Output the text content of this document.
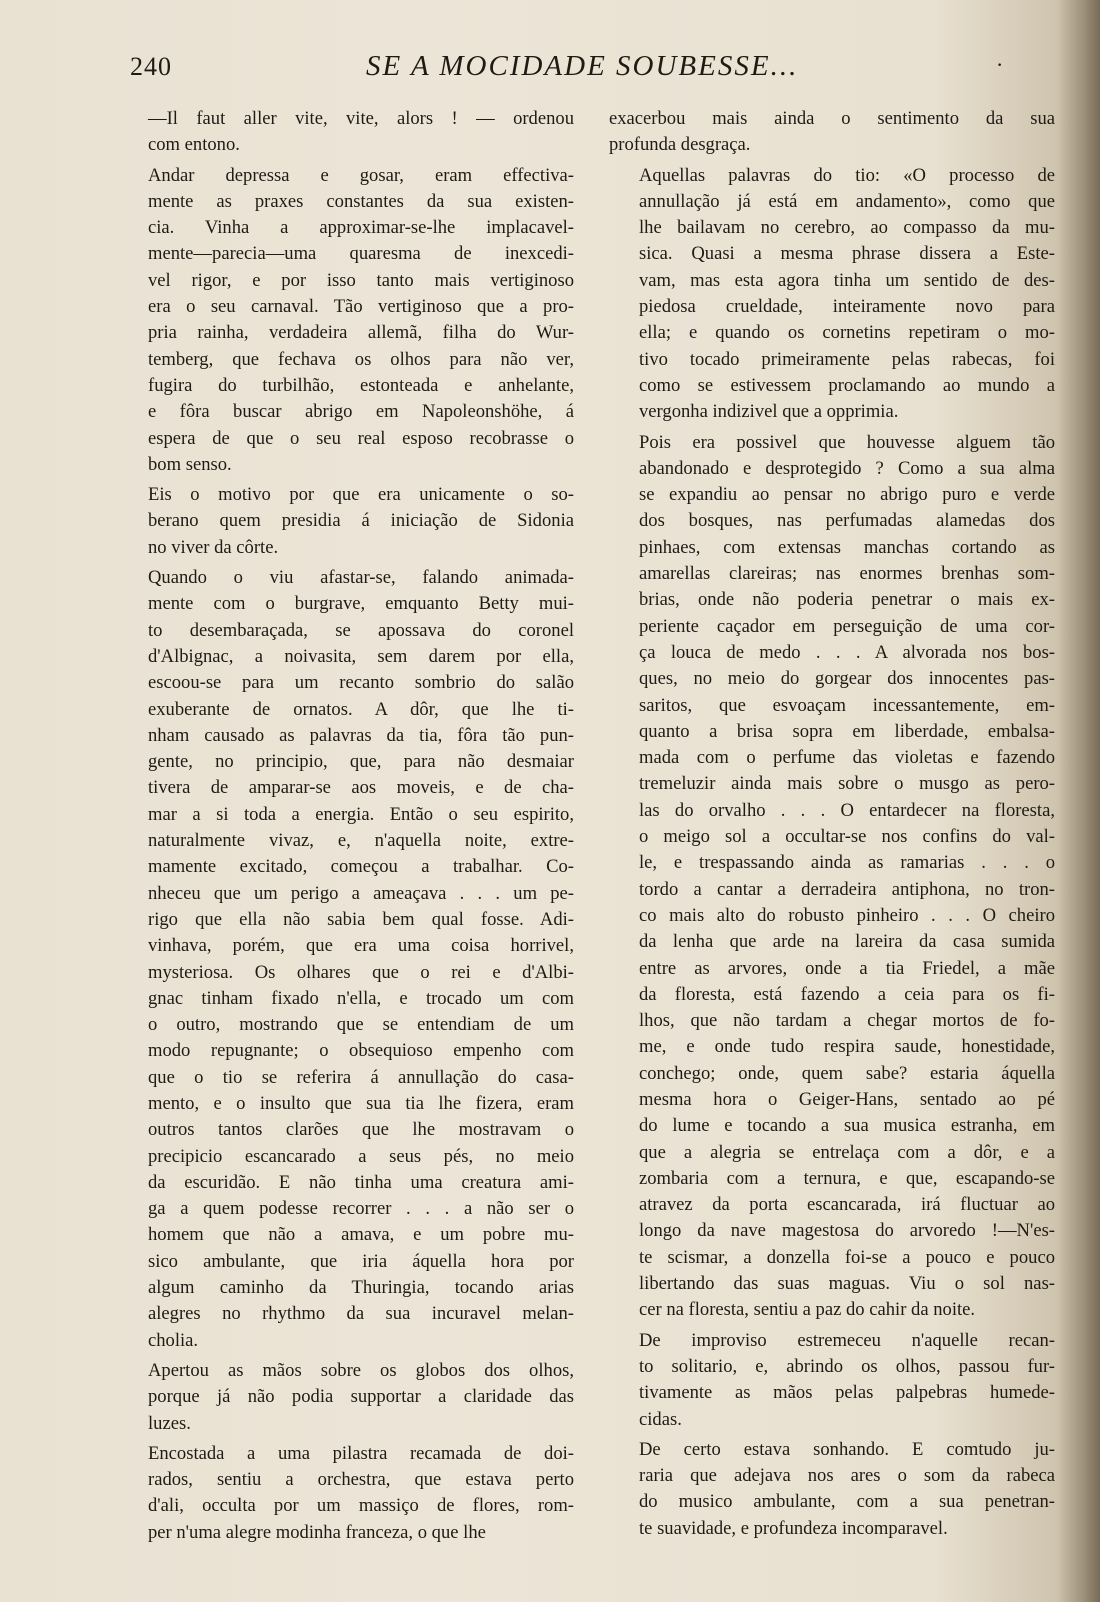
240	SE A MOCIDADE SOUBESSE...	·

—Il faut aller vite, vite, alors ! — ordenou
com entono.

Andar depressa e gosar, eram effectiva-
mente as praxes constantes da sua existen-
cia. Vinha a approximar-se-lhe implacavel-
mente—parecia—uma quaresma de inexcedi-
vel rigor, e por isso tanto mais vertiginoso
era o seu carnaval. Tão vertiginoso que a pro-
pria rainha, verdadeira allemã, filha do Wur-
temberg, que fechava os olhos para não ver,
fugira do turbilhão, estonteada e anhelante,
e fôra buscar abrigo em Napoleonshöhe, á
espera de que o seu real esposo recobrasse o
bom senso.

Eis o motivo por que era unicamente o so-
berano quem presidia á iniciação de Sidonia
no viver da côrte.

Quando o viu afastar-se, falando animada-
mente com o burgrave, emquanto Betty mui-
to desembaraçada, se apossava do coronel
d'Albignac, a noivasita, sem darem por ella,
escoou-se para um recanto sombrio do salão
exuberante de ornatos. A dôr, que lhe ti-
nham causado as palavras da tia, fôra tão pun-
gente, no principio, que, para não desmaiar
tivera de amparar-se aos moveis, e de cha-
mar a si toda a energia. Então o seu espirito,
naturalmente vivaz, e, n'aquella noite, extre-
mamente excitado, começou a trabalhar. Co-
nheceu que um perigo a ameaçava . . . um pe-
rigo que ella não sabia bem qual fosse. Adi-
vinhava, porém, que era uma coisa horrivel,
mysteriosa. Os olhares que o rei e d'Albi-
gnac tinham fixado n'ella, e trocado um com
o outro, mostrando que se entendiam de um
modo repugnante; o obsequioso empenho com
que o tio se referira á annullação do casa-
mento, e o insulto que sua tia lhe fizera, eram
outros tantos clarões que lhe mostravam o
precipicio escancarado a seus pés, no meio
da escuridão. E não tinha uma creatura ami-
ga a quem podesse recorrer . . . a não ser o
homem que não a amava, e um pobre mu-
sico ambulante, que iria áquella hora por
algum caminho da Thuringia, tocando arias
alegres no rhythmo da sua incuravel melan-
cholia.

Apertou as mãos sobre os globos dos olhos,
porque já não podia supportar a claridade das
luzes.

Encostada a uma pilastra recamada de doi-
rados, sentiu a orchestra, que estava perto
d'ali, occulta por um massiço de flores, rom-
per n'uma alegre modinha franceza, o que lhe

exacerbou mais ainda o sentimento da sua
profunda desgraça.

Aquellas palavras do tio: «O processo de
annullação já está em andamento», como que
lhe bailavam no cerebro, ao compasso da mu-
sica. Quasi a mesma phrase dissera a Este-
vam, mas esta agora tinha um sentido de des-
piedosa crueldade, inteiramente novo para
ella; e quando os cornetins repetiram o mo-
tivo tocado primeiramente pelas rabecas, foi
como se estivessem proclamando ao mundo a
vergonha indizivel que a opprimia.

Pois era possivel que houvesse alguem tão
abandonado e desprotegido ? Como a sua alma
se expandiu ao pensar no abrigo puro e verde
dos bosques, nas perfumadas alamedas dos
pinhaes, com extensas manchas cortando as
amarellas clareiras; nas enormes brenhas som-
brias, onde não poderia penetrar o mais ex-
periente caçador em perseguição de uma cor-
ça louca de medo . . . A alvorada nos bos-
ques, no meio do gorgear dos innocentes pas-
saritos, que esvoaçam incessantemente, em-
quanto a brisa sopra em liberdade, embalsa-
mada com o perfume das violetas e fazendo
tremeluzir ainda mais sobre o musgo as pero-
las do orvalho . . . O entardecer na floresta,
o meigo sol a occultar-se nos confins do val-
le, e trespassando ainda as ramarias . . . o
tordo a cantar a derradeira antiphona, no tron-
co mais alto do robusto pinheiro . . . O cheiro
da lenha que arde na lareira da casa sumida
entre as arvores, onde a tia Friedel, a mãe
da floresta, está fazendo a ceia para os fi-
lhos, que não tardam a chegar mortos de fo-
me, e onde tudo respira saude, honestidade,
conchego; onde, quem sabe? estaria áquella
mesma hora o Geiger-Hans, sentado ao pé
do lume e tocando a sua musica estranha, em
que a alegria se entrelaça com a dôr, e a
zombaria com a ternura, e que, escapando-se
atravez da porta escancarada, irá fluctuar ao
longo da nave magestosa do arvoredo !—N'es-
te scismar, a donzella foi-se a pouco e pouco
libertando das suas maguas. Viu o sol nas-
cer na floresta, sentiu a paz do cahir da noite.

De improviso estremeceu n'aquelle recan-
to solitario, e, abrindo os olhos, passou fur-
tivamente as mãos pelas palpebras humede-
cidas.

De certo estava sonhando. E comtudo ju-
raria que adejava nos ares o som da rabeca
do musico ambulante, com a sua penetran-
te suavidade, e profundeza incomparavel.
